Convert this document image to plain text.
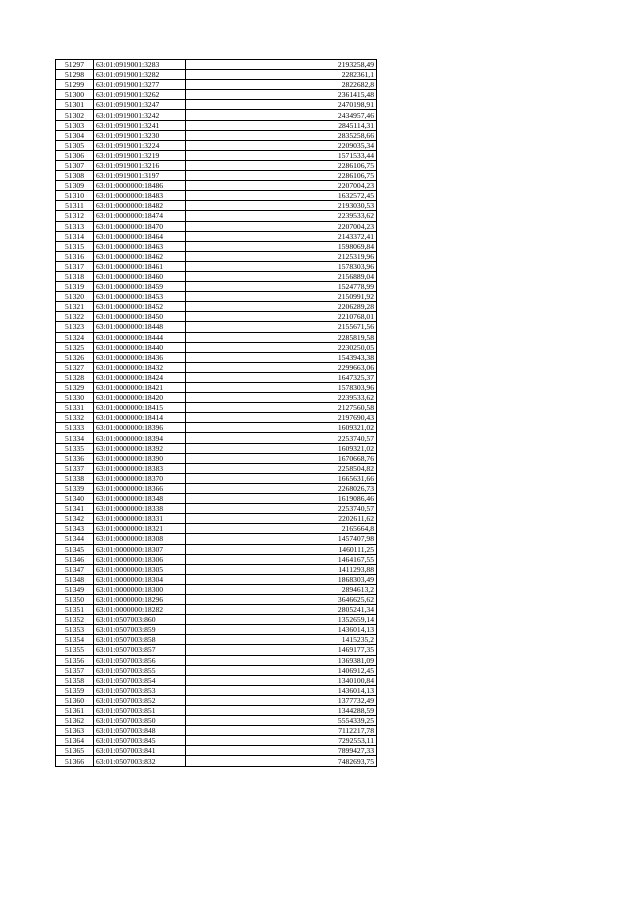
51297	63:01:0919001:3283	2193258,49
51298	63:01:0919001:3282	2282361,1
51299	63:01:0919001:3277	2822682,8
51300	63:01:0919001:3262	2361415,48
51301	63:01:0919001:3247	2470198,91
51302	63:01:0919001:3242	2434957,46
51303	63:01:0919001:3241	2845114,31
51304	63:01:0919001:3230	2835258,66
51305	63:01:0919001:3224	2209035,34
51306	63:01:0919001:3219	1571533,44
51307	63:01:0919001:3216	2286106,75
51308	63:01:0919001:3197	2286106,75
51309	63:01:0000000:18486	2207004,23
51310	63:01:0000000:18483	1632572,45
51311	63:01:0000000:18482	2193030,53
51312	63:01:0000000:18474	2239533,62
51313	63:01:0000000:18470	2207004,23
51314	63:01:0000000:18464	2143372,41
51315	63:01:0000000:18463	1598069,84
51316	63:01:0000000:18462	2125319,96
51317	63:01:0000000:18461	1578303,96
51318	63:01:0000000:18460	2156889,04
51319	63:01:0000000:18459	1524778,99
51320	63:01:0000000:18453	2150991,92
51321	63:01:0000000:18452	2206289,28
51322	63:01:0000000:18450	2210768,01
51323	63:01:0000000:18448	2155671,56
51324	63:01:0000000:18444	2285819,58
51325	63:01:0000000:18440	2230250,05
51326	63:01:0000000:18436	1543943,38
51327	63:01:0000000:18432	2299663,06
51328	63:01:0000000:18424	1647325,37
51329	63:01:0000000:18421	1578303,96
51330	63:01:0000000:18420	2239533,62
51331	63:01:0000000:18415	2127560,58
51332	63:01:0000000:18414	2197690,43
51333	63:01:0000000:18396	1609321,02
51334	63:01:0000000:18394	2253740,57
51335	63:01:0000000:18392	1609321,02
51336	63:01:0000000:18390	1670668,76
51337	63:01:0000000:18383	2258504,82
51338	63:01:0000000:18370	1665631,66
51339	63:01:0000000:18366	2268026,73
51340	63:01:0000000:18348	1619086,46
51341	63:01:0000000:18338	2253740,57
51342	63:01:0000000:18331	2202611,62
51343	63:01:0000000:18321	2165664,8
51344	63:01:0000000:18308	1457407,98
51345	63:01:0000000:18307	1460111,25
51346	63:01:0000000:18306	1464167,55
51347	63:01:0000000:18305	1411293,88
51348	63:01:0000000:18304	1868303,49
51349	63:01:0000000:18300	2894613,2
51350	63:01:0000000:18296	3646625,62
51351	63:01:0000000:18282	2805241,34
51352	63:01:0507003:860	1352659,14
51353	63:01:0507003:859	1436014,13
51354	63:01:0507003:858	1415235,2
51355	63:01:0507003:857	1469177,35
51356	63:01:0507003:856	1369381,09
51357	63:01:0507003:855	1406912,45
51358	63:01:0507003:854	1340100,84
51359	63:01:0507003:853	1436014,13
51360	63:01:0507003:852	1377732,49
51361	63:01:0507003:851	1344288,59
51362	63:01:0507003:850	5554339,25
51363	63:01:0507003:848	7112217,78
51364	63:01:0507003:845	7292553,11
51365	63:01:0507003:841	7899427,33
51366	63:01:0507003:832	7482693,75
